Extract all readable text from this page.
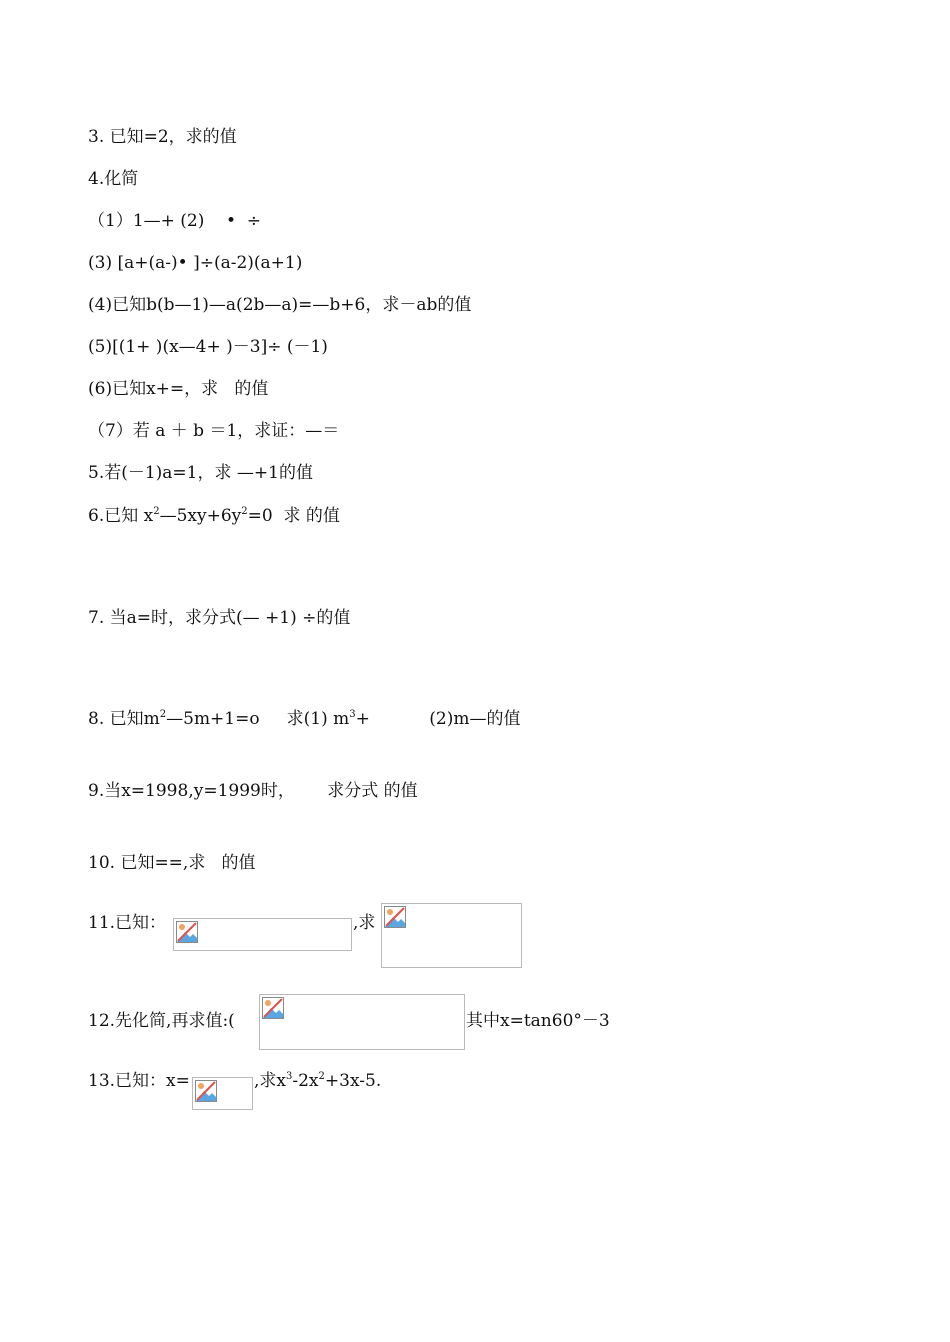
3. 已知=2，求的值
4.化简
（1）1—+ (2)    •  ÷
(3) [a+(a-)• ]÷(a-2)(a+1)
(4)已知b(b—1)—a(2b—a)=—b+6，求－ab的值
(5)[(1+ )(x—4+ )－3]÷ (－1)
(6)已知x+=，求   的值
（7）若 a ＋ b ＝1，求证：—＝
5.若(－1)a=1，求 —+1的值
6.已知 $x^2—5xy+6y^2=0$  求 的值
7. 当a=时，求分式(— +1) ÷的值
8. 已知$m^2—5m+1=o$     求(1) $m^3+$           (2)m—的值
9.当x=1998,y=1999时，      求分式 的值
10. 已知==,求   的值
11.已知：	,求
12.先化简,再求值:(	其中x=tan60°－3
13.已知：x=	,求$x^3-2x^2+3x-5$.
